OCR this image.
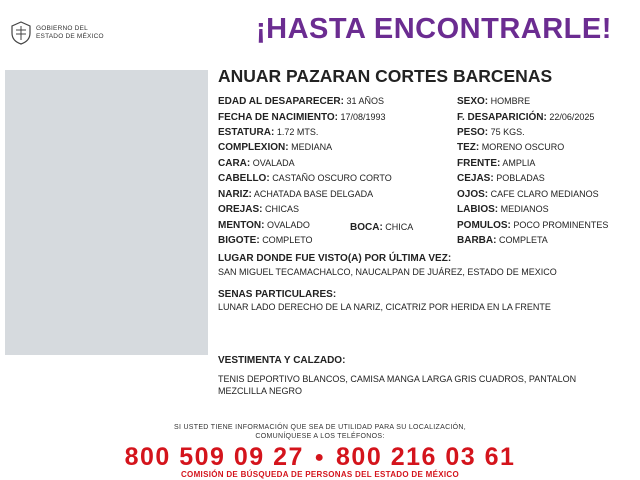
GOBIERNO DEL
ESTADO DE MÉXICO	¡HASTA ENCONTRARLE!
ANUAR PAZARAN CORTES BARCENAS
EDAD AL DESAPARECER: 31 AÑOS
FECHA DE NACIMIENTO: 17/08/1993
ESTATURA: 1.72 MTS.
COMPLEXION: MEDIANA
CARA: OVALADA
CABELLO: CASTAÑO OSCURO CORTO
NARIZ: ACHATADA BASE DELGADA
OREJAS: CHICAS
MENTON: OVALADO	BOCA: CHICA
BIGOTE: COMPLETO
SEXO: HOMBRE
F. DESAPARICIÓN: 22/06/2025
PESO: 75 KGS.
TEZ: MORENO OSCURO
FRENTE: AMPLIA
CEJAS: POBLADAS
OJOS: CAFE CLARO MEDIANOS
LABIOS: MEDIANOS
POMULOS: POCO PROMINENTES
BARBA: COMPLETA
LUGAR DONDE FUE VISTO(A) POR ÚLTIMA VEZ:
SAN MIGUEL TECAMACHALCO, NAUCALPAN DE JUÁREZ, ESTADO DE MEXICO
SENAS PARTICULARES:
LUNAR LADO DERECHO DE LA NARIZ, CICATRIZ POR HERIDA EN LA FRENTE
VESTIMENTA Y CALZADO:
TENIS DEPORTIVO BLANCOS, CAMISA MANGA LARGA GRIS CUADROS, PANTALON MEZCLILLA NEGRO
SI USTED TIENE INFORMACIÓN QUE SEA DE UTILIDAD PARA SU LOCALIZACIÓN,
COMUNÍQUESE A LOS TELÉFONOS:
800 509 09 27 ● 800 216 03 61
COMISIÓN DE BÚSQUEDA DE PERSONAS DEL ESTADO DE MÉXICO
